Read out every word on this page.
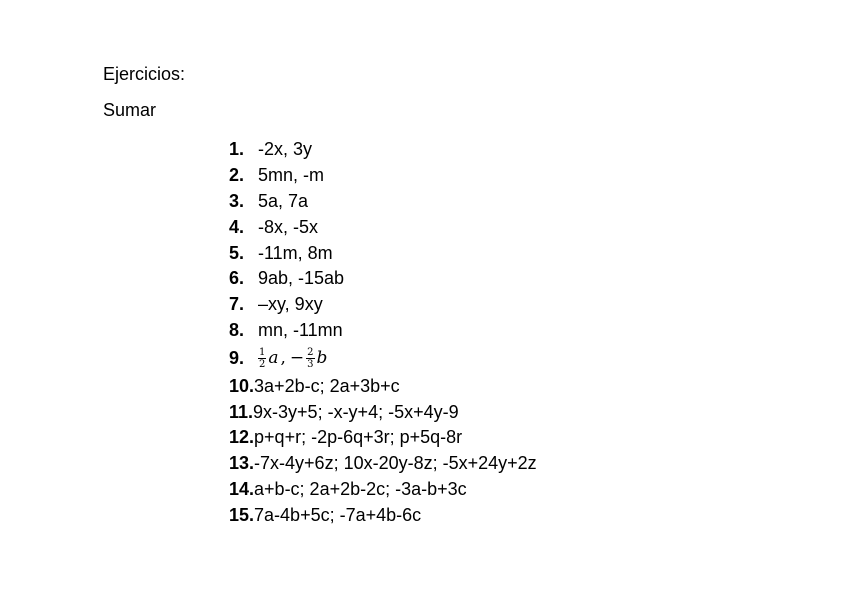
Ejercicios:
Sumar
1. -2x, 3y
2. 5mn, -m
3. 5a, 7a
4. -8x, -5x
5. -11m, 8m
6. 9ab, -15ab
7. –xy, 9xy
8. mn, -11mn
9.	$\frac{1}{2}$ a , − $\frac{2}{3}$ b
10. 3a+2b-c; 2a+3b+c
11. 9x-3y+5; -x-y+4; -5x+4y-9
12. p+q+r; -2p-6q+3r; p+5q-8r
13. -7x-4y+6z; 10x-20y-8z; -5x+24y+2z
14. a+b-c; 2a+2b-2c; -3a-b+3c
15. 7a-4b+5c; -7a+4b-6c
